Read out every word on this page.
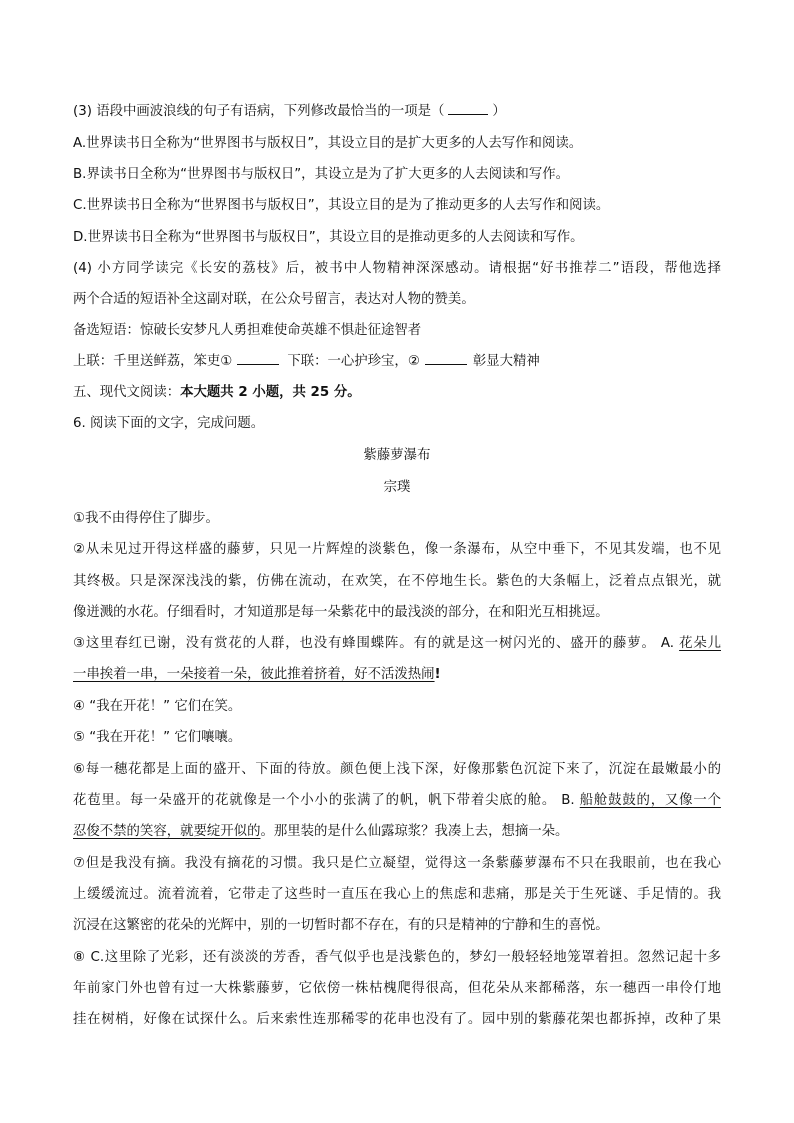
(3) 语段中画波浪线的句子有语病，下列修改最恰当的一项是（	）
A.世界读书日全称为“世界图书与版权日”，其设立目的是扩大更多的人去写作和阅读。
B.界读书日全称为“世界图书与版权日”，其设立是为了扩大更多的人去阅读和写作。
C.世界读书日全称为“世界图书与版权日”，其设立目的是为了推动更多的人去写作和阅读。
D.世界读书日全称为“世界图书与版权日”，其设立目的是推动更多的人去阅读和写作。
(4) 小方同学读完《长安的荔枝》后，被书中人物精神深深感动。请根据“好书推荐二”语段，帮他选择
两个合适的短语补全这副对联，在公众号留言，表达对人物的赞美。
备选短语：惊破长安梦凡人勇担难使命英雄不惧赴征途智者
上联：千里送鲜荔，笨吏①	下联：一心护珍宝，②	彰显大精神
五、现代文阅读：本大题共 2 小题，共 25 分。
6. 阅读下面的文字，完成问题。
紫藤萝瀑布
宗璞
①我不由得停住了脚步。
②从未见过开得这样盛的藤萝，只见一片辉煌的淡紫色，像一条瀑布，从空中垂下，不见其发端，也不见
其终极。只是深深浅浅的紫，仿佛在流动，在欢笑，在不停地生长。紫色的大条幅上，泛着点点银光，就
像迸溅的水花。仔细看时，才知道那是每一朵紫花中的最浅淡的部分，在和阳光互相挑逗。
③这里春红已谢，没有赏花的人群，也没有蜂围蝶阵。有的就是这一树闪光的、盛开的藤萝。 A. 花朵儿
一串挨着一串，一朵接着一朵，彼此推着挤着，好不活泼热闹!
④ “我在开花！” 它们在笑。
⑤ “我在开花！” 它们嚷嚷。
⑥每一穗花都是上面的盛开、下面的待放。颜色便上浅下深，好像那紫色沉淀下来了，沉淀在最嫩最小的
花苞里。每一朵盛开的花就像是一个小小的张满了的帆，帆下带着尖底的舱。 B. 船舱鼓鼓的，又像一个
忍俊不禁的笑容，就要绽开似的。那里装的是什么仙露琼浆？我凑上去，想摘一朵。
⑦但是我没有摘。我没有摘花的习惯。我只是伫立凝望，觉得这一条紫藤萝瀑布不只在我眼前，也在我心
上缓缓流过。流着流着，它带走了这些时一直压在我心上的焦虑和悲痛，那是关于生死谜、手足情的。我
沉浸在这繁密的花朵的光辉中，别的一切暂时都不存在，有的只是精神的宁静和生的喜悦。
⑧ C.这里除了光彩，还有淡淡的芳香，香气似乎也是浅紫色的，梦幻一般轻轻地笼罩着担。忽然记起十多
年前家门外也曾有过一大株紫藤萝，它依傍一株枯槐爬得很高，但花朵从来都稀落，东一穗西一串伶仃地
挂在树梢，好像在试探什么。后来索性连那稀零的花串也没有了。园中别的紫藤花架也都拆掉，改种了果
